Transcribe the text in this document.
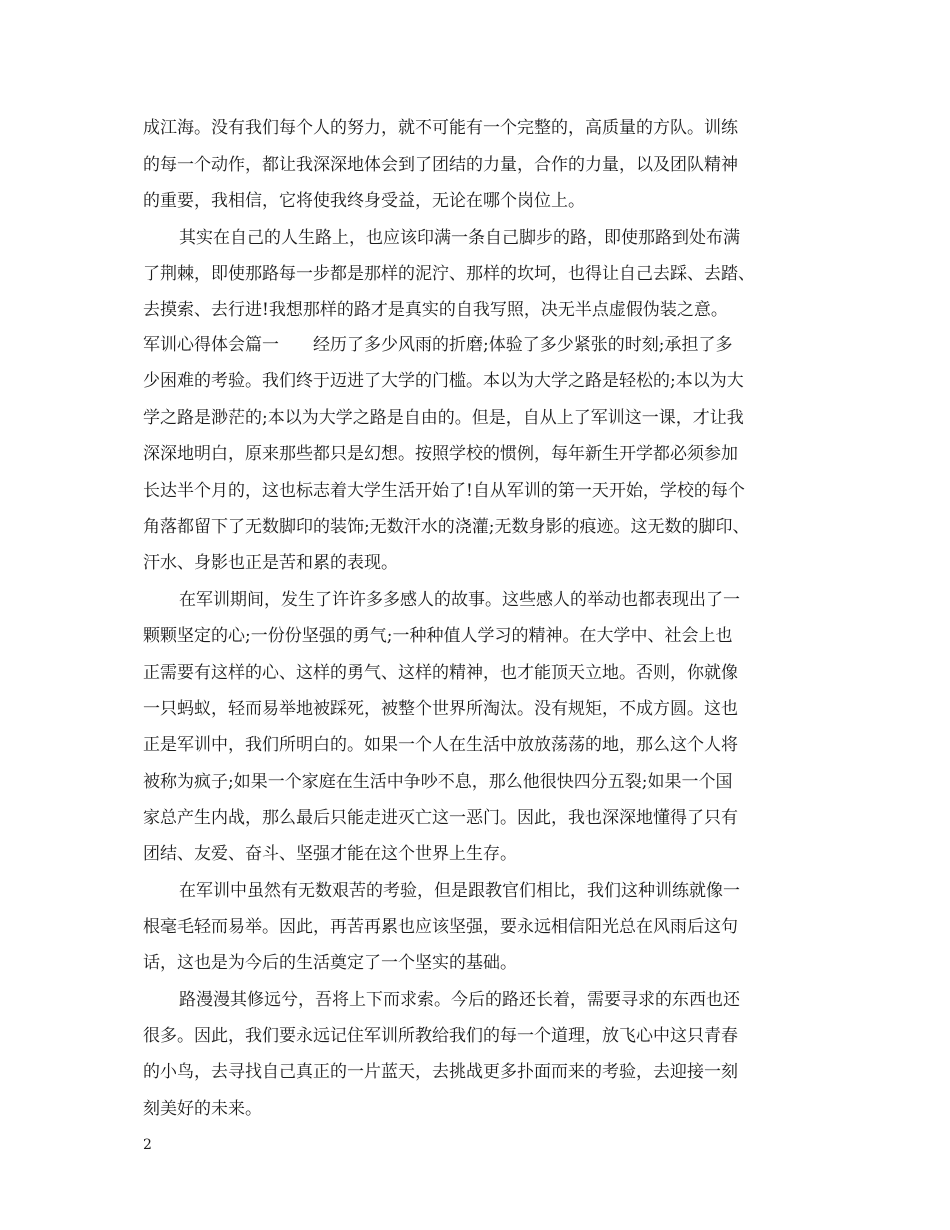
成江海。没有我们每个人的努力，就不可能有一个完整的，高质量的方队。训练
的每一个动作，都让我深深地体会到了团结的力量，合作的力量，以及团队精神
的重要，我相信，它将使我终身受益，无论在哪个岗位上。
其实在自己的人生路上，也应该印满一条自己脚步的路，即使那路到处布满
了荆棘，即使那路每一步都是那样的泥泞、那样的坎坷，也得让自己去踩、去踏、
去摸索、去行进!我想那样的路才是真实的自我写照，决无半点虚假伪装之意。
军训心得体会篇一　　经历了多少风雨的折磨;体验了多少紧张的时刻;承担了多
少困难的考验。我们终于迈进了大学的门槛。本以为大学之路是轻松的;本以为大
学之路是渺茫的;本以为大学之路是自由的。但是，自从上了军训这一课，才让我
深深地明白，原来那些都只是幻想。按照学校的惯例，每年新生开学都必须参加
长达半个月的，这也标志着大学生活开始了!自从军训的第一天开始，学校的每个
角落都留下了无数脚印的装饰;无数汗水的浇灌;无数身影的痕迹。这无数的脚印、
汗水、身影也正是苦和累的表现。
在军训期间，发生了许许多多感人的故事。这些感人的举动也都表现出了一
颗颗坚定的心;一份份坚强的勇气;一种种值人学习的精神。在大学中、社会上也
正需要有这样的心、这样的勇气、这样的精神，也才能顶天立地。否则，你就像
一只蚂蚁，轻而易举地被踩死，被整个世界所淘汰。没有规矩，不成方圆。这也
正是军训中，我们所明白的。如果一个人在生活中放放荡荡的地，那么这个人将
被称为疯子;如果一个家庭在生活中争吵不息，那么他很快四分五裂;如果一个国
家总产生内战，那么最后只能走进灭亡这一恶门。因此，我也深深地懂得了只有
团结、友爱、奋斗、坚强才能在这个世界上生存。
在军训中虽然有无数艰苦的考验，但是跟教官们相比，我们这种训练就像一
根毫毛轻而易举。因此，再苦再累也应该坚强，要永远相信阳光总在风雨后这句
话，这也是为今后的生活奠定了一个坚实的基础。
路漫漫其修远兮，吾将上下而求索。今后的路还长着，需要寻求的东西也还
很多。因此，我们要永远记住军训所教给我们的每一个道理，放飞心中这只青春
的小鸟，去寻找自己真正的一片蓝天，去挑战更多扑面而来的考验，去迎接一刻
刻美好的未来。
2
